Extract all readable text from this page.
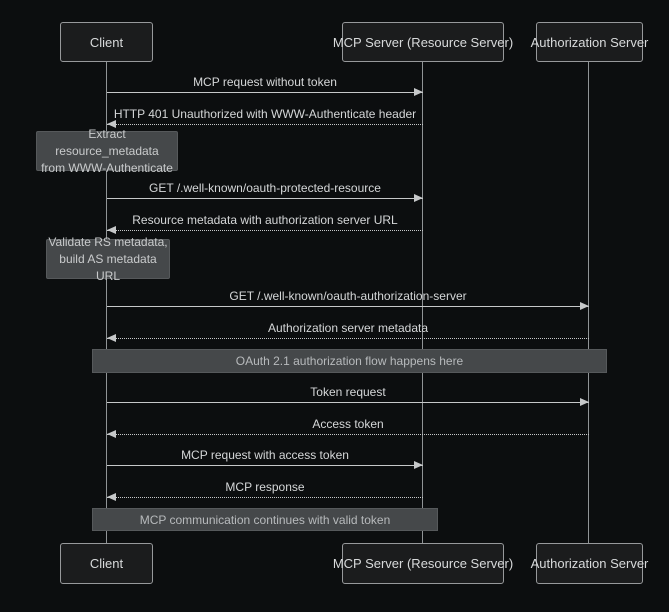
Client	MCP Server (Resource Server) Authorization Server
MCP request without token
HTTP 401 Unauthorized with WWW-Authenticate header
Extract resource_metadata
from WWW-Authenticate
GET /.well-known/oauth-protected-resource
Resource metadata with authorization server URL
Validate RS metadata,
build AS metadata URL
GET /.well-known/oauth-authorization-server
Authorization server metadata
OAuth 2.1 authorization flow happens here
Token request
Access token
MCP request with access token
MCP response
MCP communication continues with valid token
Client	MCP Server (Resource Server) Authorization Server
